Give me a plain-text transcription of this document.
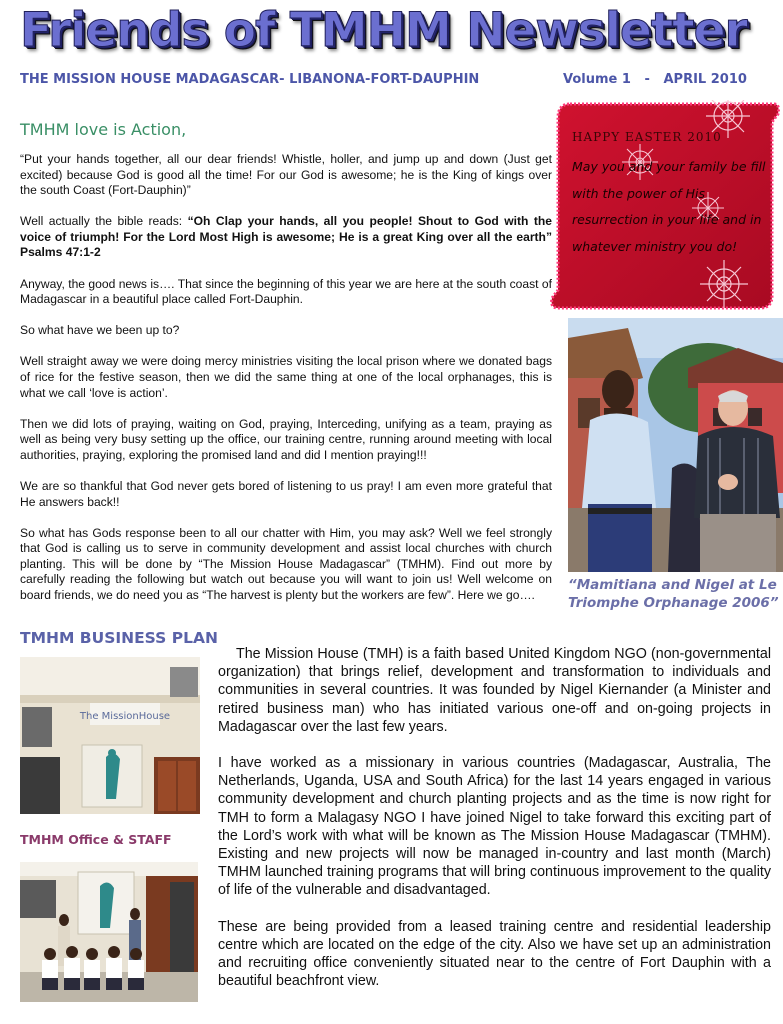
Friends of TMHM Newsletter
THE MISSION HOUSE MADAGASCAR- LIBANONA-FORT-DAUPHIN	Volume 1   -   APRIL 2010
TMHM love is Action,

“Put your hands together, all our dear friends! Whistle, holler, and jump up and down (Just get excited) because God is good all the time! For our God is awesome; he is the King of kings over the south Coast (Fort-Dauphin)”

Well actually the bible reads: “Oh Clap your hands, all you people! Shout to God with the voice of triumph! For the Lord Most High is awesome; He is a great King over all the earth” Psalms 47:1-2

Anyway, the good news is…. That since the beginning of this year we are here at the south coast of Madagascar in a beautiful place called Fort-Dauphin.

So what have we been up to?

Well straight away we were doing mercy ministries visiting the local prison where we donated bags of rice for the festive season, then we did the same thing at one of the local orphanages, this is what we call ‘love is action’.

Then we did lots of praying, waiting on God, praying, Interceding, unifying as a team, praying as well as being very busy setting up the office, our training centre, running around meeting with local authorities, praying, exploring the promised land and did I mention praying!!!

We are so thankful that God never gets bored of listening to us pray! I am even more grateful that He answers back!!

So what has Gods response been to all our chatter with Him, you may ask? Well we feel strongly that God is calling us to serve in community development and assist local churches with church planting. This will be done by “The Mission House Madagascar” (TMHM). Find out more by carefully reading the following but watch out because you will want to join us! Well welcome on board friends, we do need you as “The harvest is plenty but the workers are few”. Here we go….

HAPPY EASTER 2010
May you and your family be fill with the power of His resurrection in your life and in whatever ministry you do!
“Mamitiana and Nigel at Le Triomphe Orphanage 2006”
TMHM BUSINESS PLAN
The MissionHouse
TMHM Office & STAFF

The Mission House (TMH) is a faith based United Kingdom NGO (non-governmental organization) that brings relief, development and transformation to individuals and communities in several countries. It was founded by Nigel Kiernander (a Minister and retired business man) who has initiated various one-off and on-going projects in Madagascar over the last few years.

I have worked as a missionary in various countries (Madagascar, Australia, The Netherlands, Uganda, USA and South Africa) for the last 14 years engaged in various community development and church planting projects and as the time is now right for TMH to form a Malagasy NGO I have joined Nigel to take forward this exciting part of the Lord’s work with what will be known as The Mission House Madagascar (TMHM). Existing and new projects will now be managed in-country and last month (March) TMHM launched training programs that will bring continuous improvement to the quality of life of the vulnerable and disadvantaged.

These are being provided from a leased training centre and residential leadership centre which are located on the edge of the city. Also we have set up an administration and recruiting office conveniently situated near to the centre of Fort Dauphin with a beautiful beachfront view.
